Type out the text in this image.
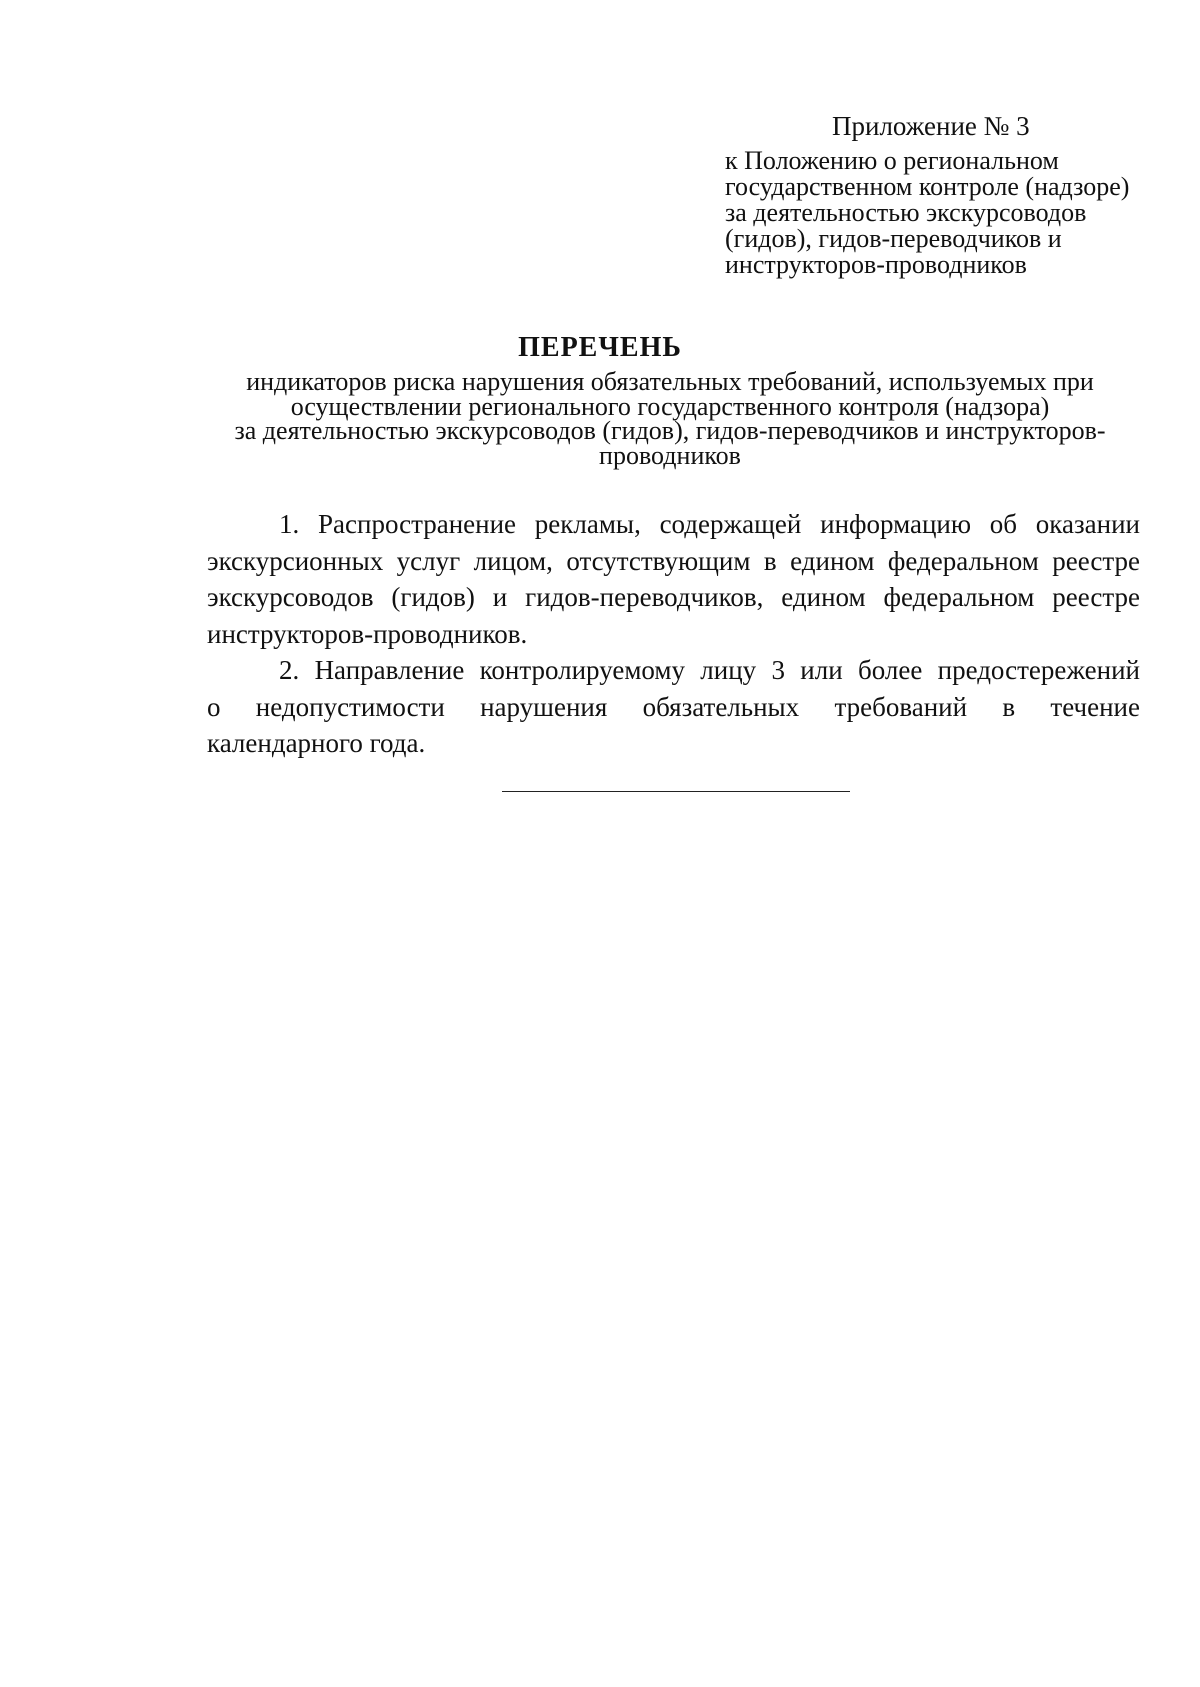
Приложение № 3
к Положению о региональном
государственном контроле (надзоре)
за деятельностью экскурсоводов
(гидов), гидов-переводчиков и
инструкторов-проводников
ПЕРЕЧЕНЬ
индикаторов риска нарушения обязательных требований, используемых при
осуществлении регионального государственного контроля (надзора)
за деятельностью экскурсоводов (гидов), гидов-переводчиков и инструкторов-
проводников
1. Распространение рекламы, содержащей информацию об оказании
экскурсионных услуг лицом, отсутствующим в едином федеральном реестре
экскурсоводов (гидов) и гидов-переводчиков, едином федеральном реестре
инструкторов-проводников.
2. Направление контролируемому лицу 3 или более предостережений
о недопустимости нарушения обязательных требований в течение
календарного года.
